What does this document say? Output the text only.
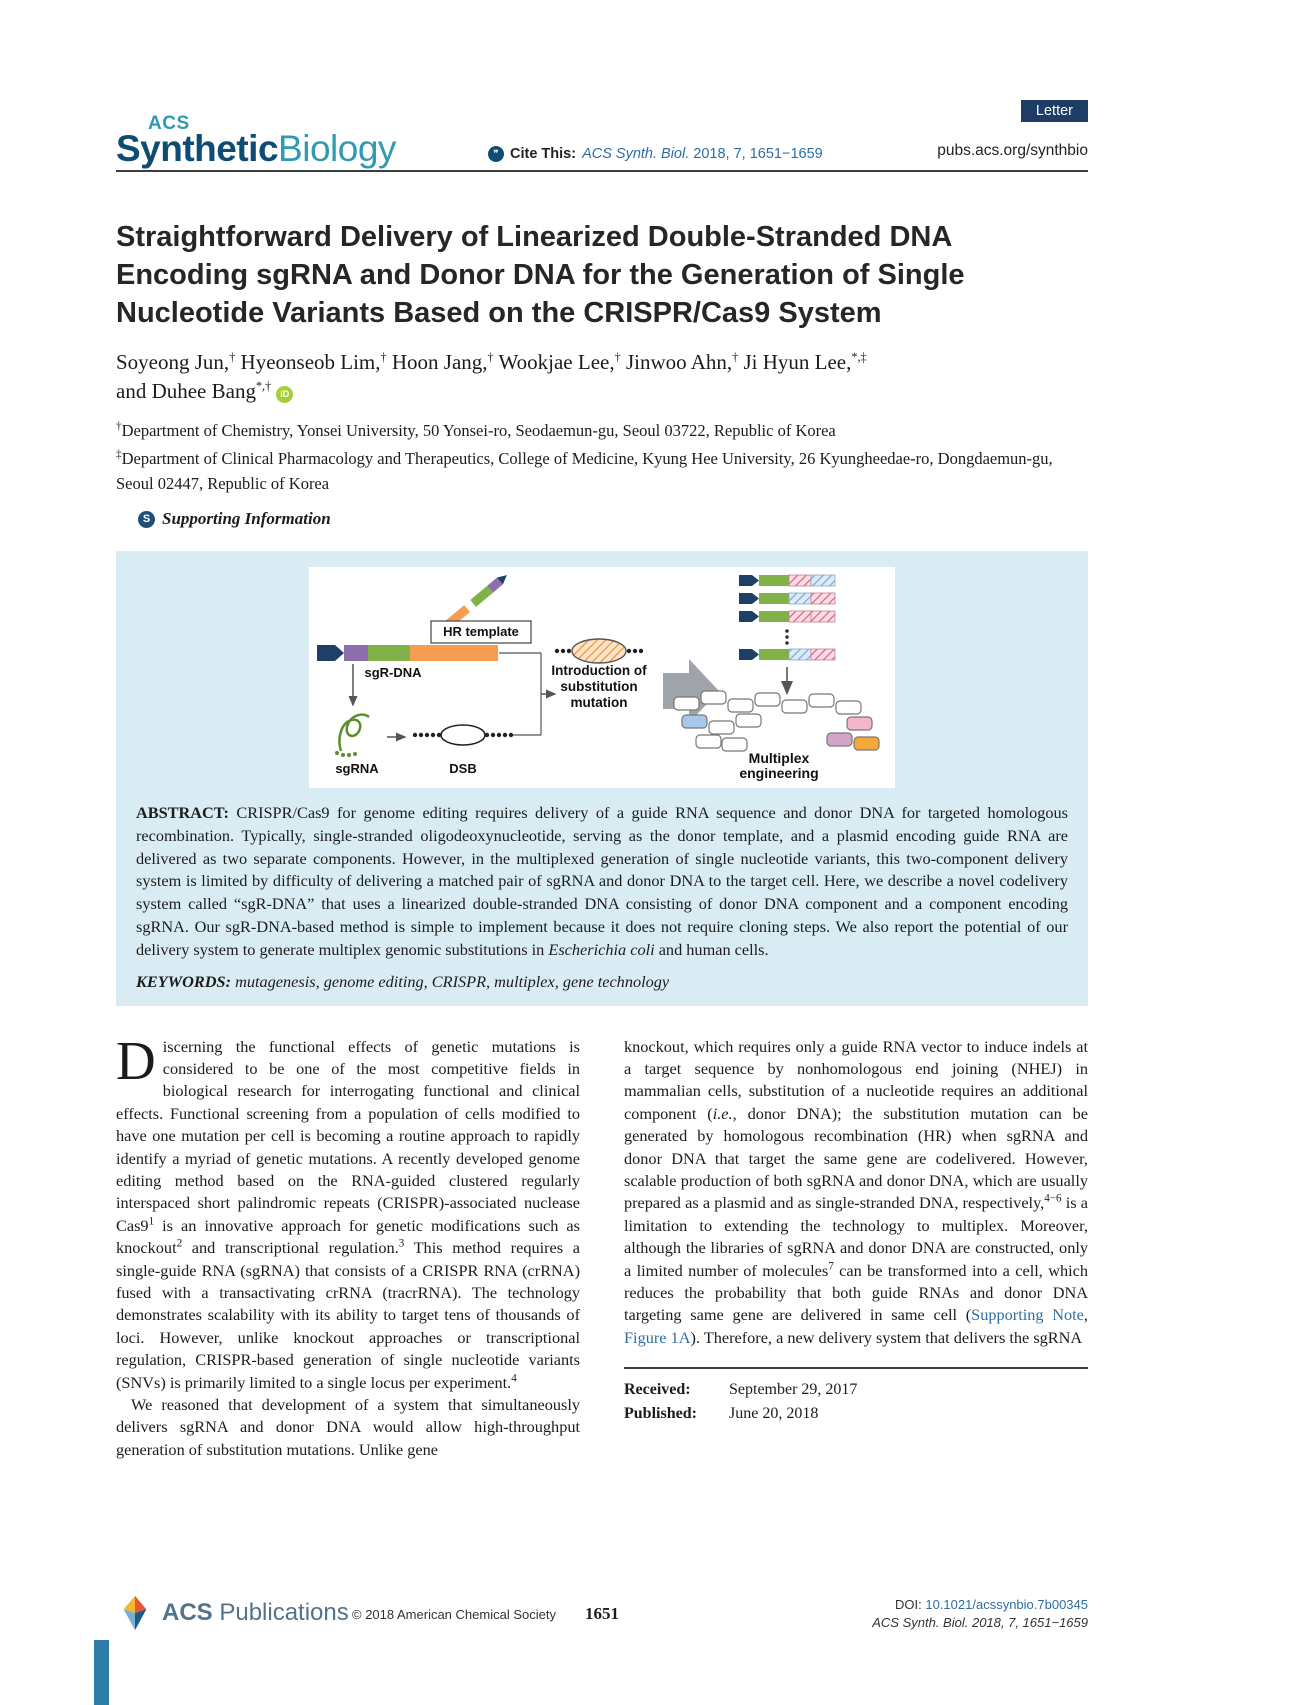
ACS
SyntheticBiology	❞ Cite This: ACS Synth. Biol. 2018, 7, 1651−1659
Letter
pubs.acs.org/synthbio
Straightforward Delivery of Linearized Double-Stranded DNA Encoding sgRNA and Donor DNA for the Generation of Single Nucleotide Variants Based on the CRISPR/Cas9 System
Soyeong Jun,† Hyeonseob Lim,† Hoon Jang,† Wookjae Lee,† Jinwoo Ahn,† Ji Hyun Lee,*,‡
and Duhee Bang*,†iD

†Department of Chemistry, Yonsei University, 50 Yonsei-ro, Seodaemun-gu, Seoul 03722, Republic of Korea

‡Department of Clinical Pharmacology and Therapeutics, College of Medicine, Kyung Hee University, 26 Kyungheedae-ro, Dongdaemun-gu, Seoul 02447, Republic of Korea

S Supporting Information
HR template
sgR-DNA
sgRNA	DSB
Introduction of
substitution
mutation
Multiplex
engineering

ABSTRACT: CRISPR/Cas9 for genome editing requires delivery of a guide RNA sequence and donor DNA for targeted homologous recombination. Typically, single-stranded oligodeoxynucleotide, serving as the donor template, and a plasmid encoding guide RNA are delivered as two separate components. However, in the multiplexed generation of single nucleotide variants, this two-component delivery system is limited by difficulty of delivering a matched pair of sgRNA and donor DNA to the target cell. Here, we describe a novel codelivery system called “sgR-DNA” that uses a linearized double-stranded DNA consisting of donor DNA component and a component encoding sgRNA. Our sgR-DNA-based method is simple to implement because it does not require cloning steps. We also report the potential of our delivery system to generate multiplex genomic substitutions in Escherichia coli and human cells.

KEYWORDS: mutagenesis, genome editing, CRISPR, multiplex, gene technology

Discerning the functional effects of genetic mutations is considered to be one of the most competitive fields in biological research for interrogating functional and clinical effects. Functional screening from a population of cells modified to have one mutation per cell is becoming a routine approach to rapidly identify a myriad of genetic mutations. A recently developed genome editing method based on the RNA-guided clustered regularly interspaced short palindromic repeats (CRISPR)-associated nuclease $Cas9^1$ is an innovative approach for genetic modifications such as knockout$^2$ and transcriptional regulation.$^3$ This method requires a single-guide RNA (sgRNA) that consists of a CRISPR RNA (crRNA) fused with a transactivating crRNA (tracrRNA). The technology demonstrates scalability with its ability to target tens of thousands of loci. However, unlike knockout approaches or transcriptional regulation, CRISPR-based generation of single nucleotide variants (SNVs) is primarily limited to a single locus per experiment.$^4$

We reasoned that development of a system that simultaneously delivers sgRNA and donor DNA would allow high-throughput generation of substitution mutations. Unlike gene

knockout, which requires only a guide RNA vector to induce indels at a target sequence by nonhomologous end joining (NHEJ) in mammalian cells, substitution of a nucleotide requires an additional component (i.e., donor DNA); the substitution mutation can be generated by homologous recombination (HR) when sgRNA and donor DNA that target the same gene are codelivered. However, scalable production of both sgRNA and donor DNA, which are usually prepared as a plasmid and as single-stranded DNA, respectively,$^{4-6}$ is a limitation to extending the technology to multiplex. Moreover, although the libraries of sgRNA and donor DNA are constructed, only a limited number of molecules$^7$ can be transformed into a cell, which reduces the probability that both guide RNAs and donor DNA targeting same gene are delivered in same cell (Supporting Note, Figure 1A). Therefore, a new delivery system that delivers the sgRNA

Received:	September 29, 2017
Published:	June 20, 2018
ACS Publications © 2018 American Chemical Society	1651	DOI: 10.1021/acssynbio.7b00345
ACS Synth. Biol. 2018, 7, 1651−1659
